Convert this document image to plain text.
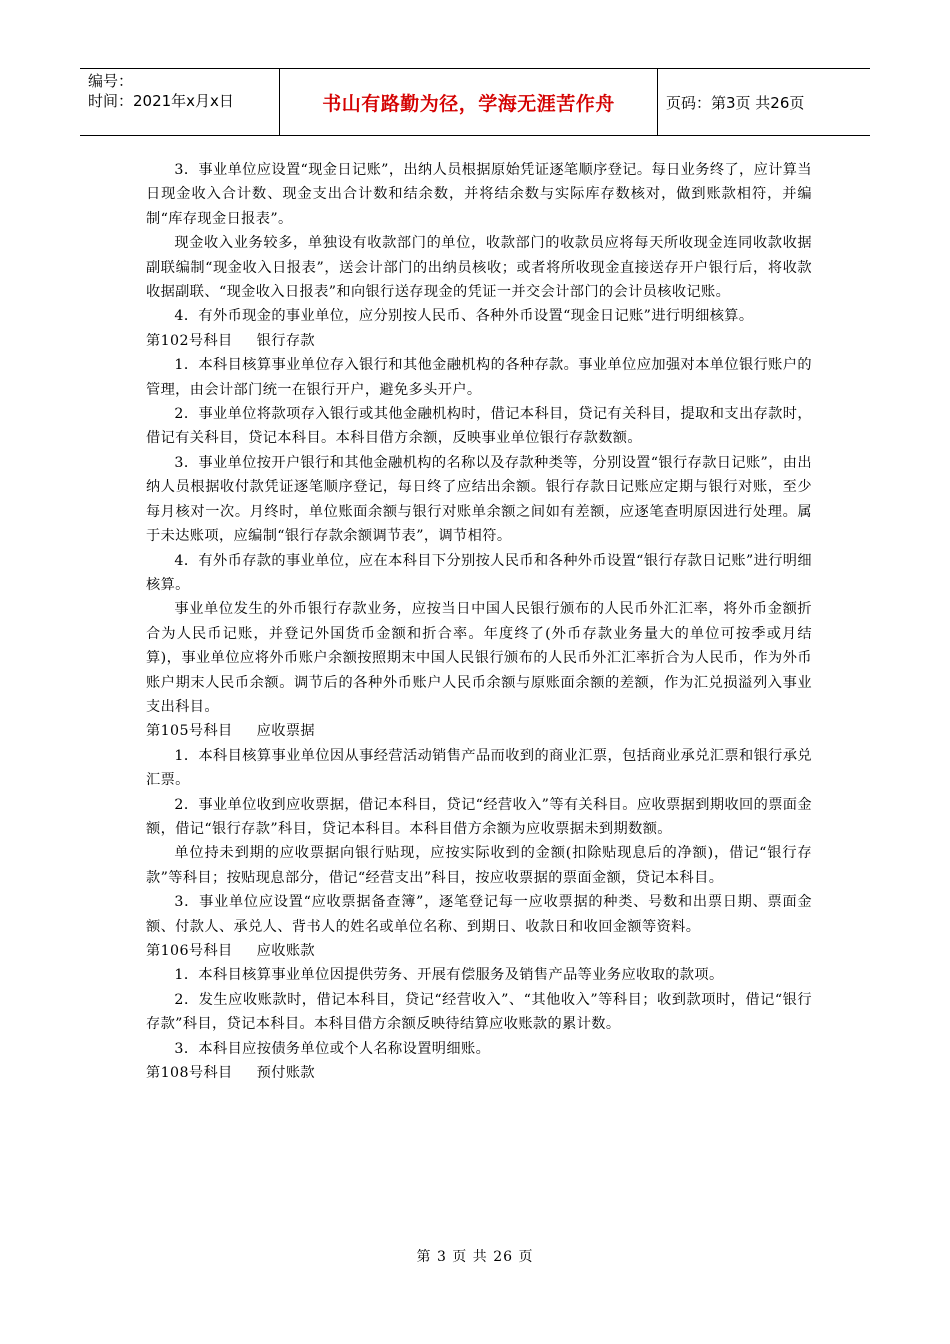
编号：
时间：2021年x月x日	书山有路勤为径，学海无涯苦作舟	页码：第3页 共26页

3．事业单位应设置“现金日记账”，出纳人员根据原始凭证逐笔顺序登记。每日业务终了，应计算当日现金收入合计数、现金支出合计数和结余数，并将结余数与实际库存数核对，做到账款相符，并编制“库存现金日报表”。

现金收入业务较多，单独设有收款部门的单位，收款部门的收款员应将每天所收现金连同收款收据副联编制“现金收入日报表”，送会计部门的出纳员核收；或者将所收现金直接送存开户银行后，将收款收据副联、“现金收入日报表”和向银行送存现金的凭证一并交会计部门的会计员核收记账。

4．有外币现金的事业单位，应分别按人民币、各种外币设置“现金日记账”进行明细核算。

第102号科目 银行存款

1．本科目核算事业单位存入银行和其他金融机构的各种存款。事业单位应加强对本单位银行账户的管理，由会计部门统一在银行开户，避免多头开户。

2．事业单位将款项存入银行或其他金融机构时，借记本科目，贷记有关科目，提取和支出存款时，借记有关科目，贷记本科目。本科目借方余额，反映事业单位银行存款数额。

3．事业单位按开户银行和其他金融机构的名称以及存款种类等，分别设置“银行存款日记账”，由出纳人员根据收付款凭证逐笔顺序登记，每日终了应结出余额。银行存款日记账应定期与银行对账，至少每月核对一次。月终时，单位账面余额与银行对账单余额之间如有差额，应逐笔查明原因进行处理。属于未达账项，应编制“银行存款余额调节表”，调节相符。

4．有外币存款的事业单位，应在本科目下分别按人民币和各种外币设置“银行存款日记账”进行明细核算。

事业单位发生的外币银行存款业务，应按当日中国人民银行颁布的人民币外汇汇率，将外币金额折合为人民币记账，并登记外国货币金额和折合率。年度终了(外币存款业务量大的单位可按季或月结算)，事业单位应将外币账户余额按照期末中国人民银行颁布的人民币外汇汇率折合为人民币，作为外币账户期末人民币余额。调节后的各种外币账户人民币余额与原账面余额的差额，作为汇兑损溢列入事业支出科目。

第105号科目 应收票据

1．本科目核算事业单位因从事经营活动销售产品而收到的商业汇票，包括商业承兑汇票和银行承兑汇票。

2．事业单位收到应收票据，借记本科目，贷记“经营收入”等有关科目。应收票据到期收回的票面金额，借记“银行存款”科目，贷记本科目。本科目借方余额为应收票据未到期数额。

单位持未到期的应收票据向银行贴现，应按实际收到的金额(扣除贴现息后的净额)，借记“银行存款”等科目；按贴现息部分，借记“经营支出”科目，按应收票据的票面金额，贷记本科目。

3．事业单位应设置“应收票据备查簿”，逐笔登记每一应收票据的种类、号数和出票日期、票面金额、付款人、承兑人、背书人的姓名或单位名称、到期日、收款日和收回金额等资料。

第106号科目 应收账款

1．本科目核算事业单位因提供劳务、开展有偿服务及销售产品等业务应收取的款项。

2．发生应收账款时，借记本科目，贷记“经营收入”、“其他收入”等科目；收到款项时，借记“银行存款”科目，贷记本科目。本科目借方余额反映待结算应收账款的累计数。

3．本科目应按债务单位或个人名称设置明细账。

第108号科目 预付账款

第 3 页 共 26 页
